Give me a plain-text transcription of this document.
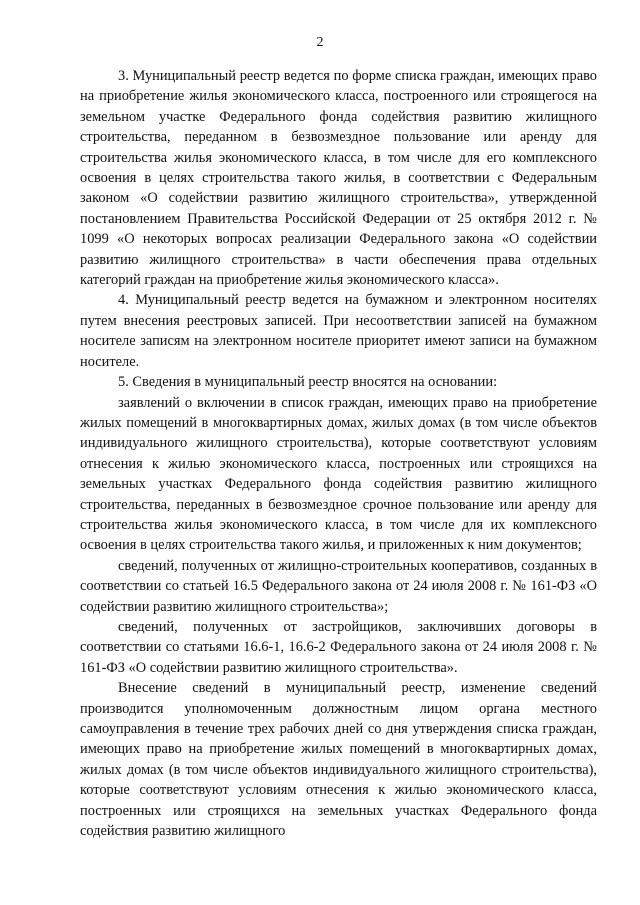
2

3. Муниципальный реестр ведется по форме списка граждан, имеющих право на приобретение жилья экономического класса, построенного или строящегося на земельном участке Федерального фонда содействия развитию жилищного строительства, переданном в безвозмездное пользование или аренду для строительства жилья экономического класса, в том числе для его комплексного освоения в целях строительства такого жилья, в соответствии с Федеральным законом «О содействии развитию жилищного строительства», утвержденной постановлением Правительства Российской Федерации от 25 октября 2012 г. № 1099 «О некоторых вопросах реализации Федерального закона «О содействии развитию жилищного строительства» в части обеспечения права отдельных категорий граждан на приобретение жилья экономического класса».

4. Муниципальный реестр ведется на бумажном и электронном носителях путем внесения реестровых записей. При несоответствии записей на бумажном носителе записям на электронном носителе приоритет имеют записи на бумажном носителе.

5. Сведения в муниципальный реестр вносятся на основании:

заявлений о включении в список граждан, имеющих право на приобретение жилых помещений в многоквартирных домах, жилых домах (в том числе объектов индивидуального жилищного строительства), которые соответствуют условиям отнесения к жилью экономического класса, построенных или строящихся на земельных участках Федерального фонда содействия развитию жилищного строительства, переданных в безвозмездное срочное пользование или аренду для строительства жилья экономического класса, в том числе для их комплексного освоения в целях строительства такого жилья, и приложенных к ним документов;

сведений, полученных от жилищно-строительных кооперативов, созданных в соответствии со статьей 16.5 Федерального закона от 24 июля 2008 г. № 161-ФЗ «О содействии развитию жилищного строительства»;

сведений, полученных от застройщиков, заключивших договоры в соответствии со статьями 16.6-1, 16.6-2 Федерального закона от 24 июля 2008 г. № 161-ФЗ «О содействии развитию жилищного строительства».

Внесение сведений в муниципальный реестр, изменение сведений производится уполномоченным должностным лицом органа местного самоуправления в течение трех рабочих дней со дня утверждения списка граждан, имеющих право на приобретение жилых помещений в многоквартирных домах, жилых домах (в том числе объектов индивидуального жилищного строительства), которые соответствуют условиям отнесения к жилью экономического класса, построенных или строящихся на земельных участках Федерального фонда содействия развитию жилищного
